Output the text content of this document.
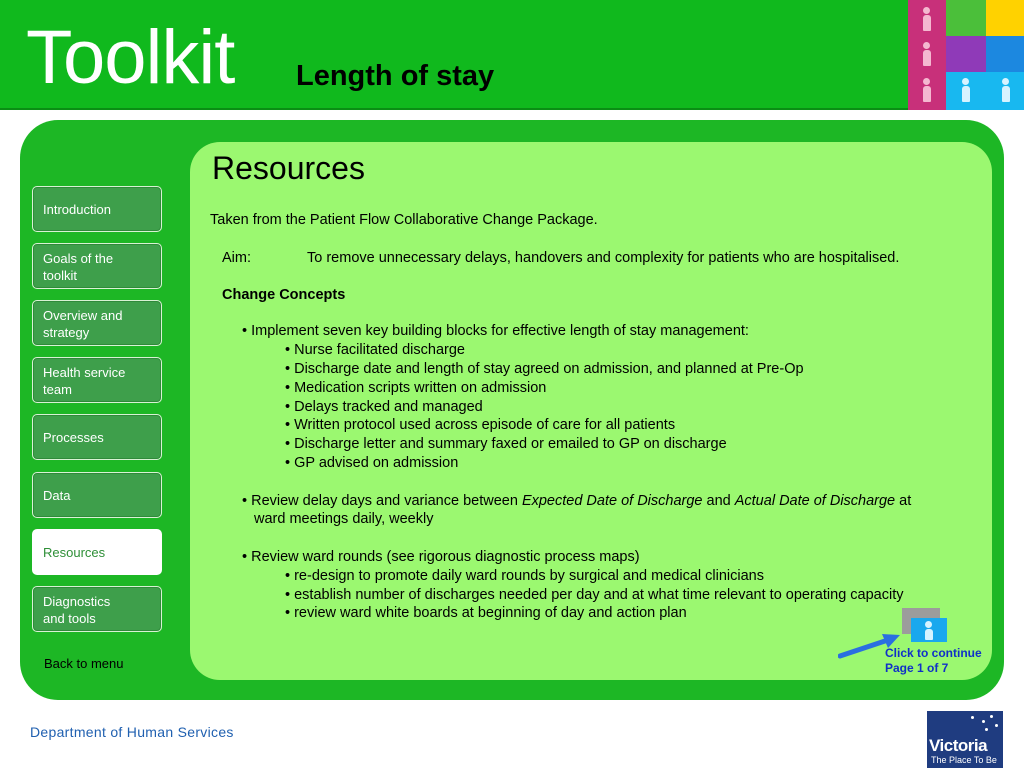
Toolkit Length of stay
Introduction
Goals of the
toolkit
Overview and
strategy
Health service
team
Processes
Data
Resources
Diagnostics
and tools
Back to menu
Resources
Taken from the Patient Flow Collaborative Change Package.
Aim:	To remove unnecessary delays, handovers and complexity for patients who are hospitalised.
Change Concepts
• Implement seven key building blocks for effective length of stay management:
• Nurse facilitated discharge
• Discharge date and length of stay agreed on admission, and planned at Pre-Op
• Medication scripts written on admission
• Delays tracked and managed
• Written protocol used across episode of care for all patients
• Discharge letter and summary faxed or emailed to GP on discharge
• GP advised on admission
• Review delay days and variance between Expected Date of Discharge and Actual Date of Discharge at
ward meetings daily, weekly
• Review ward rounds (see rigorous diagnostic process maps)
• re-design to promote daily ward rounds by surgical and medical clinicians
• establish number of discharges needed per day and at what time relevant to operating capacity
• review ward white boards at beginning of day and action plan
Click to continue
Page 1 of 7
Department of Human Services
Victoria
The Place To Be
